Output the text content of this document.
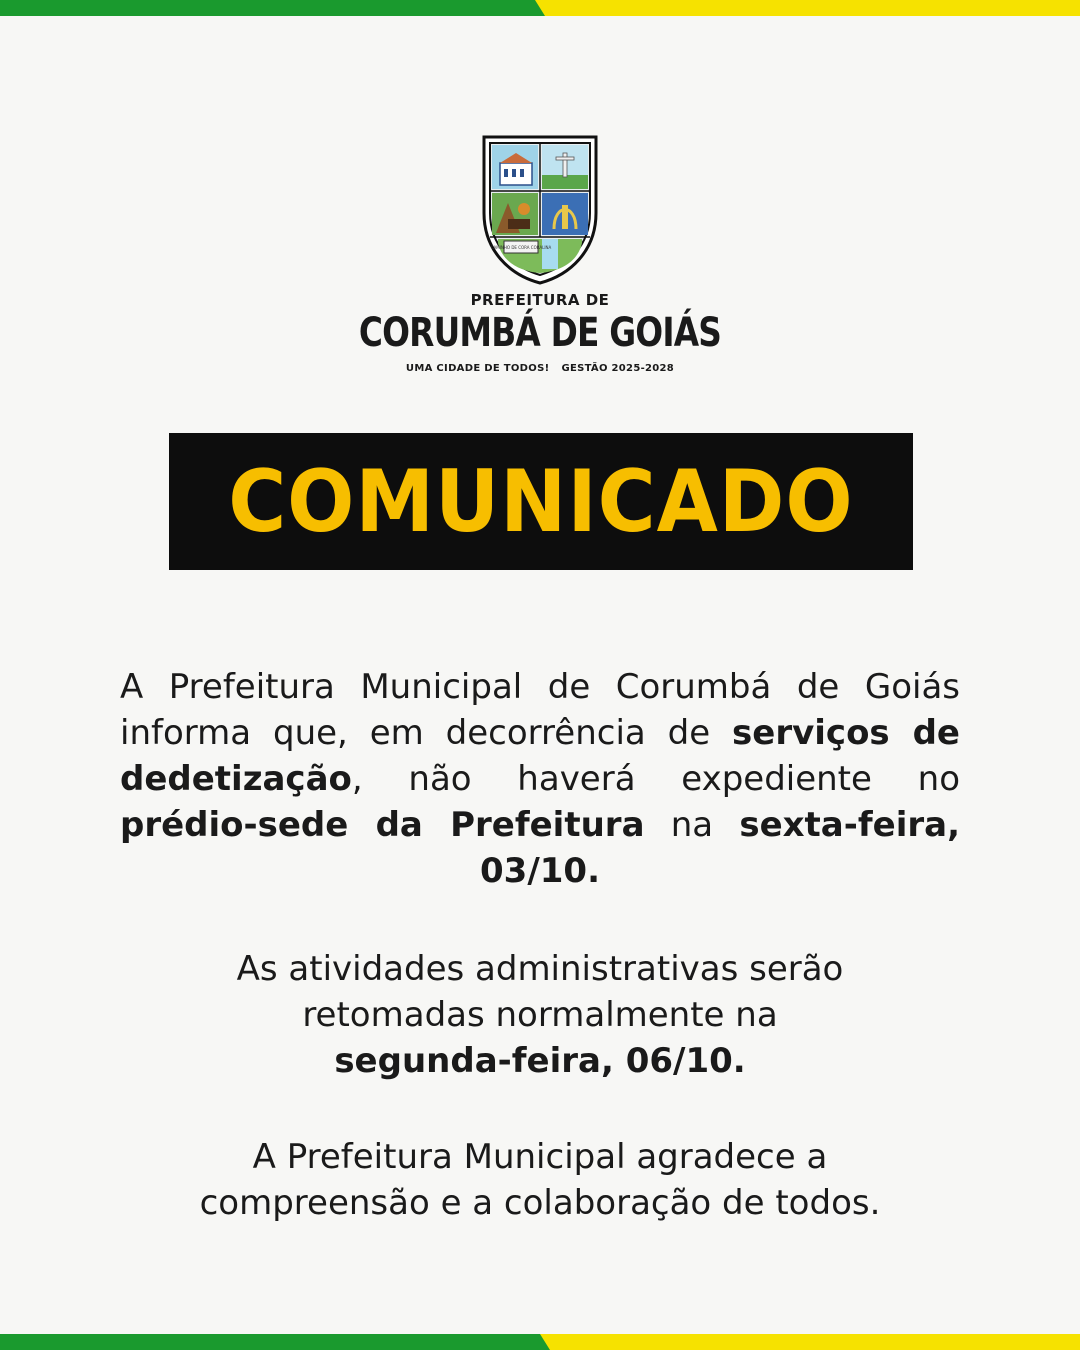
CAMINHO DE CORA CORALINA
PREFEITURA DE
CORUMBÁ DE GOIÁS
UMA CIDADE DE TODOS! GESTÃO 2025-2028
COMUNICADO
A Prefeitura Municipal de Corumbá de Goiás informa que, em decorrência de serviços de dedetização, não haverá expediente no prédio-sede da Prefeitura na sexta-feira, 03/10.
As atividades administrativas serão
retomadas normalmente na
segunda-feira, 06/10.
A Prefeitura Municipal agradece a
compreensão e a colaboração de todos.
